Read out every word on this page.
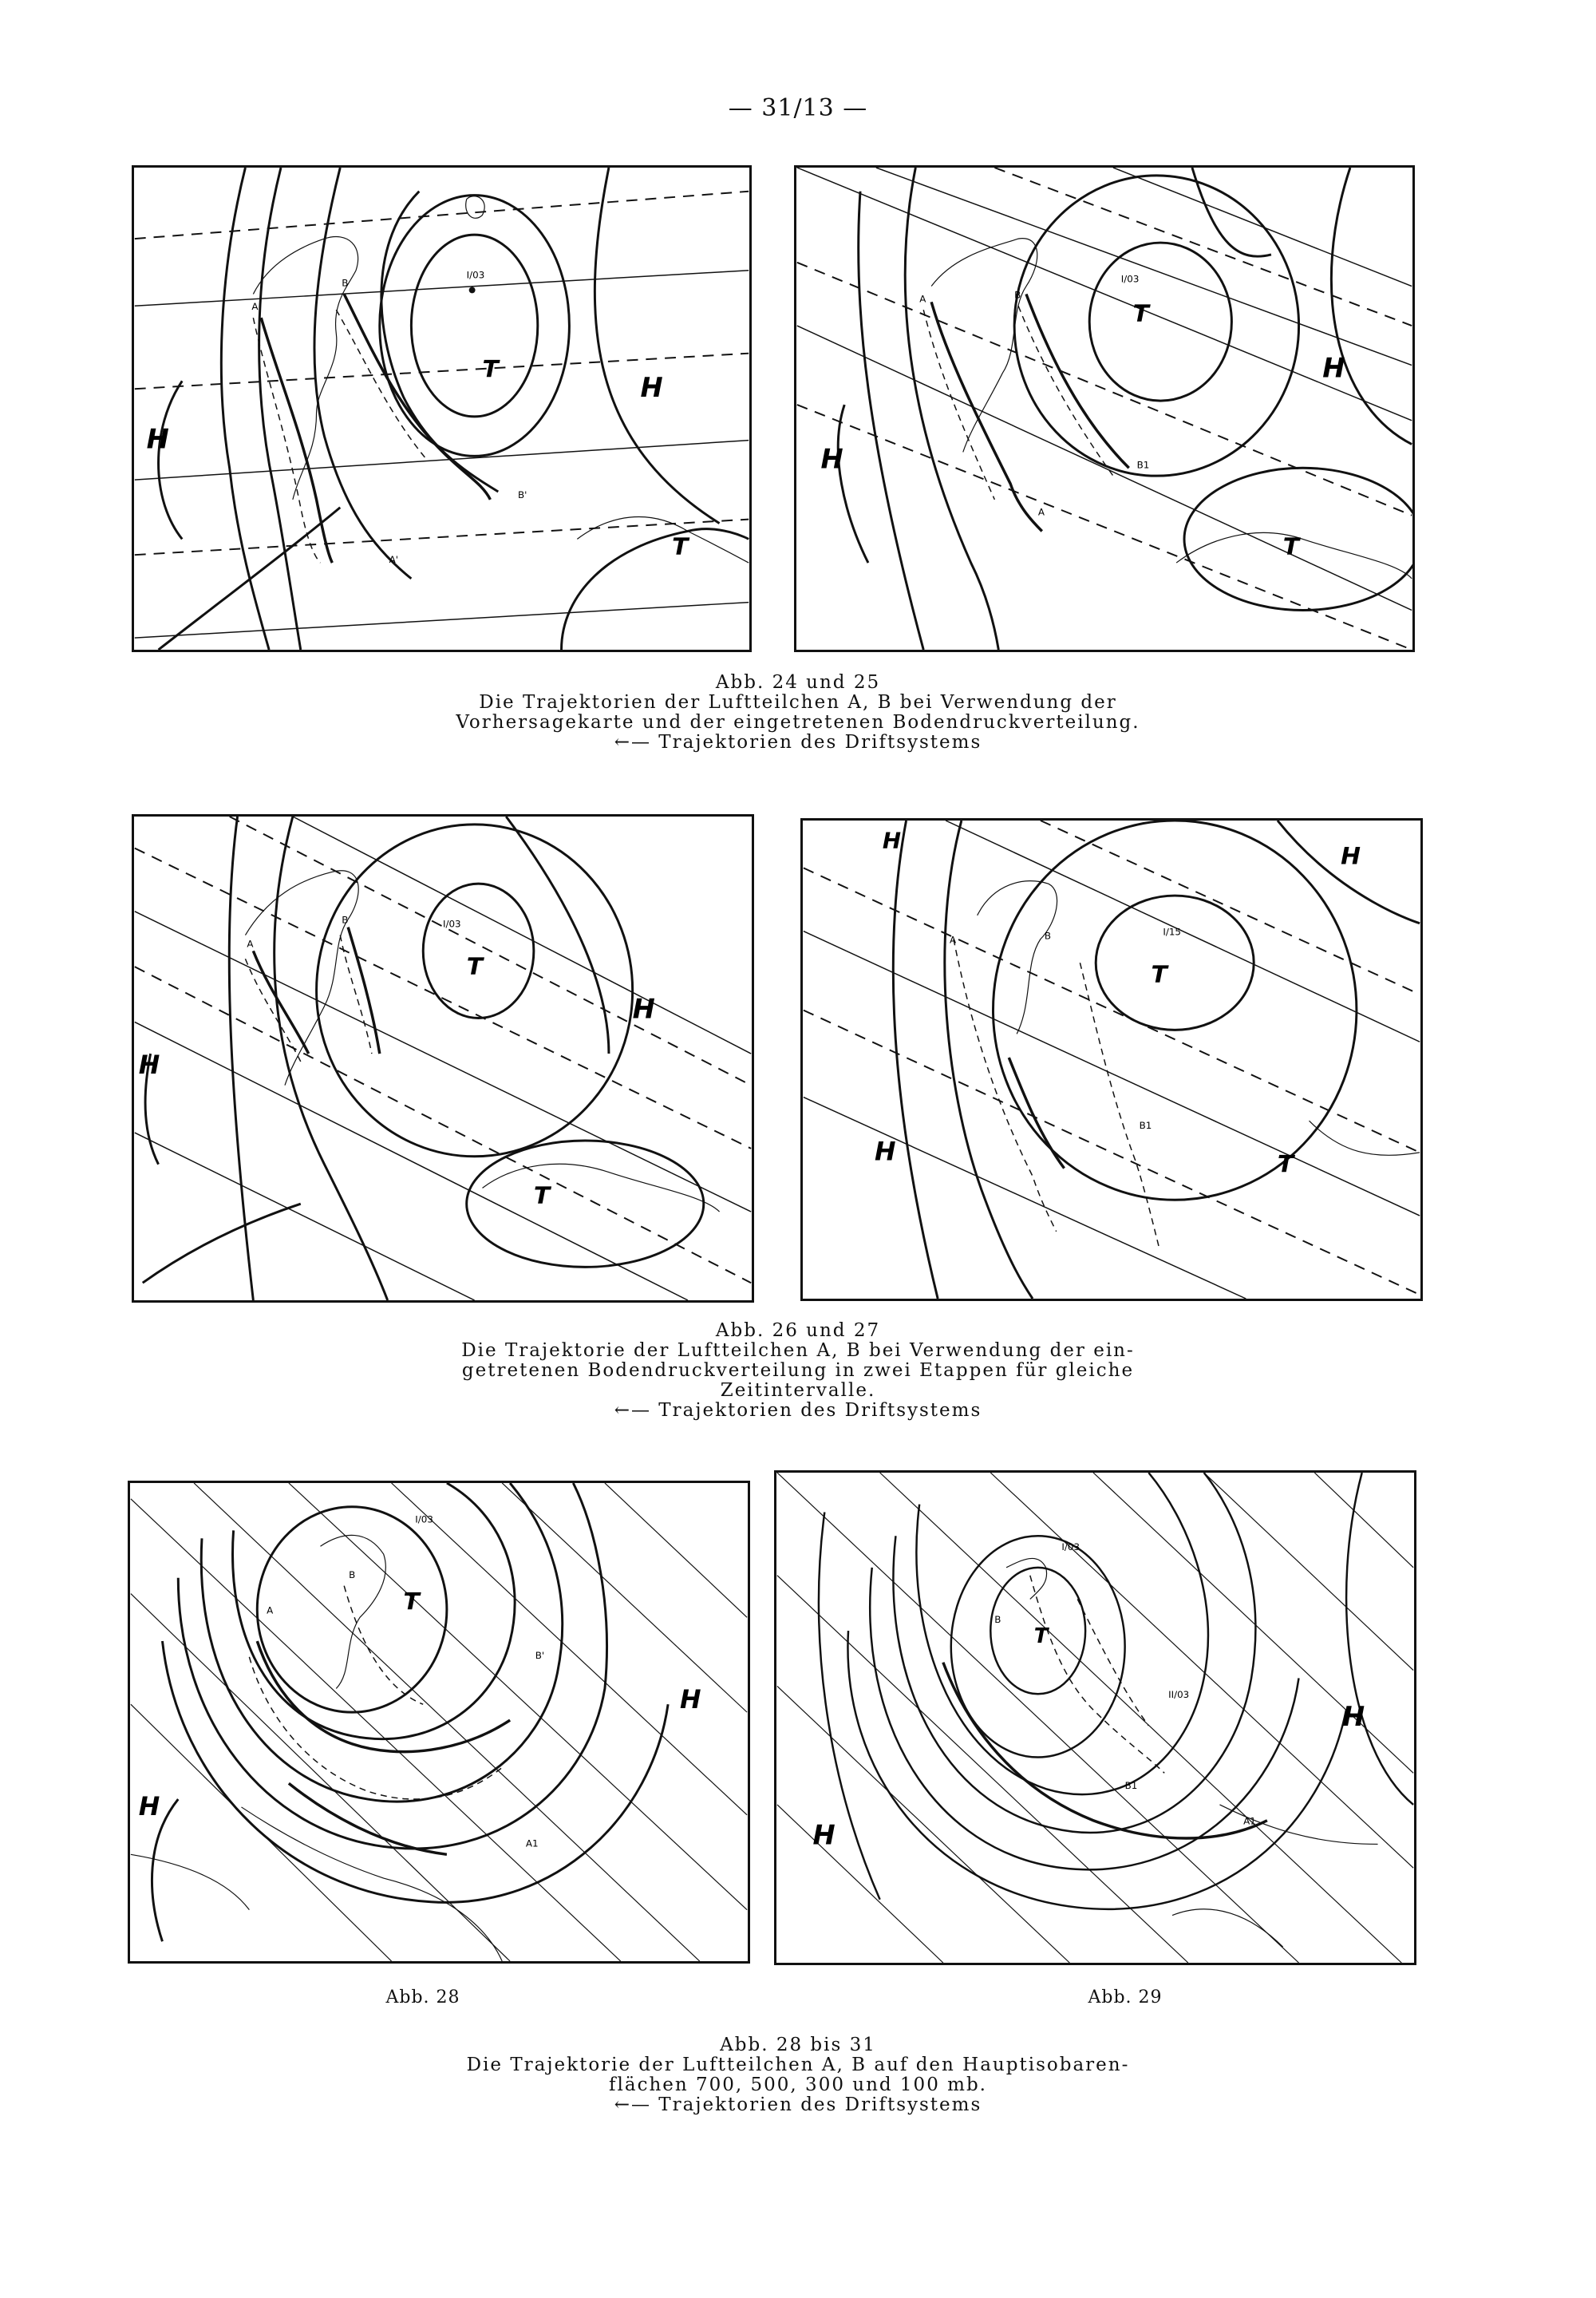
— 31/13 —
H
H
T
T
I/03
A
B
A'
B'
H
H
T
T
I/03
A	B
A
B1
Abb. 24 und 25
Die Trajektorien der Luftteilchen A, B bei Verwendung der
Vorhersagekarte und der eingetretenen Bodendruckverteilung.
←— Trajektorien des Driftsystems
H
H
T
T
I/03
A
B
H
H
H
T
T
I/15
A	B
B1
Abb. 26 und 27
Die Trajektorie der Luftteilchen A, B bei Verwendung der ein-
getretenen Bodendruckverteilung in zwei Etappen für gleiche
Zeitintervalle.
←— Trajektorien des Driftsystems
H
H
T
I/03
A
B
A1
B'
Abb. 28
H
H
T
I/03
II/03
B
A1
B1
Abb. 29
Abb. 28 bis 31
Die Trajektorie der Luftteilchen A, B auf den Hauptisobaren-
flächen 700, 500, 300 und 100 mb.
←— Trajektorien des Driftsystems
